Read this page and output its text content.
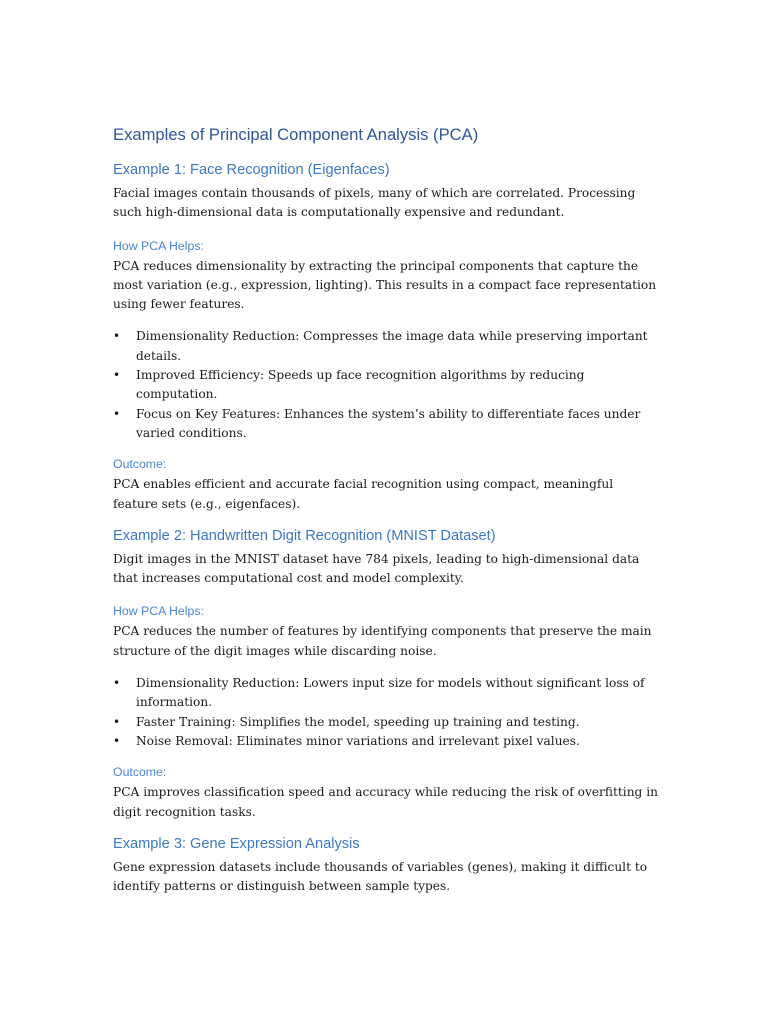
Examples of Principal Component Analysis (PCA)
Example 1: Face Recognition (Eigenfaces)

Facial images contain thousands of pixels, many of which are correlated. Processing such high-dimensional data is computationally expensive and redundant.

How PCA Helps:

PCA reduces dimensionality by extracting the principal components that capture the most variation (e.g., expression, lighting). This results in a compact face representation using fewer features.

• Dimensionality Reduction: Compresses the image data while preserving important details.
• Improved Efficiency: Speeds up face recognition algorithms by reducing computation.
• Focus on Key Features: Enhances the system’s ability to differentiate faces under varied conditions.
Outcome:

PCA enables efficient and accurate facial recognition using compact, meaningful feature sets (e.g., eigenfaces).

Example 2: Handwritten Digit Recognition (MNIST Dataset)

Digit images in the MNIST dataset have 784 pixels, leading to high-dimensional data that increases computational cost and model complexity.

How PCA Helps:

PCA reduces the number of features by identifying components that preserve the main structure of the digit images while discarding noise.

• Dimensionality Reduction: Lowers input size for models without significant loss of information.
• Faster Training: Simplifies the model, speeding up training and testing.
• Noise Removal: Eliminates minor variations and irrelevant pixel values.
Outcome:

PCA improves classification speed and accuracy while reducing the risk of overfitting in digit recognition tasks.

Example 3: Gene Expression Analysis

Gene expression datasets include thousands of variables (genes), making it difficult to identify patterns or distinguish between sample types.
